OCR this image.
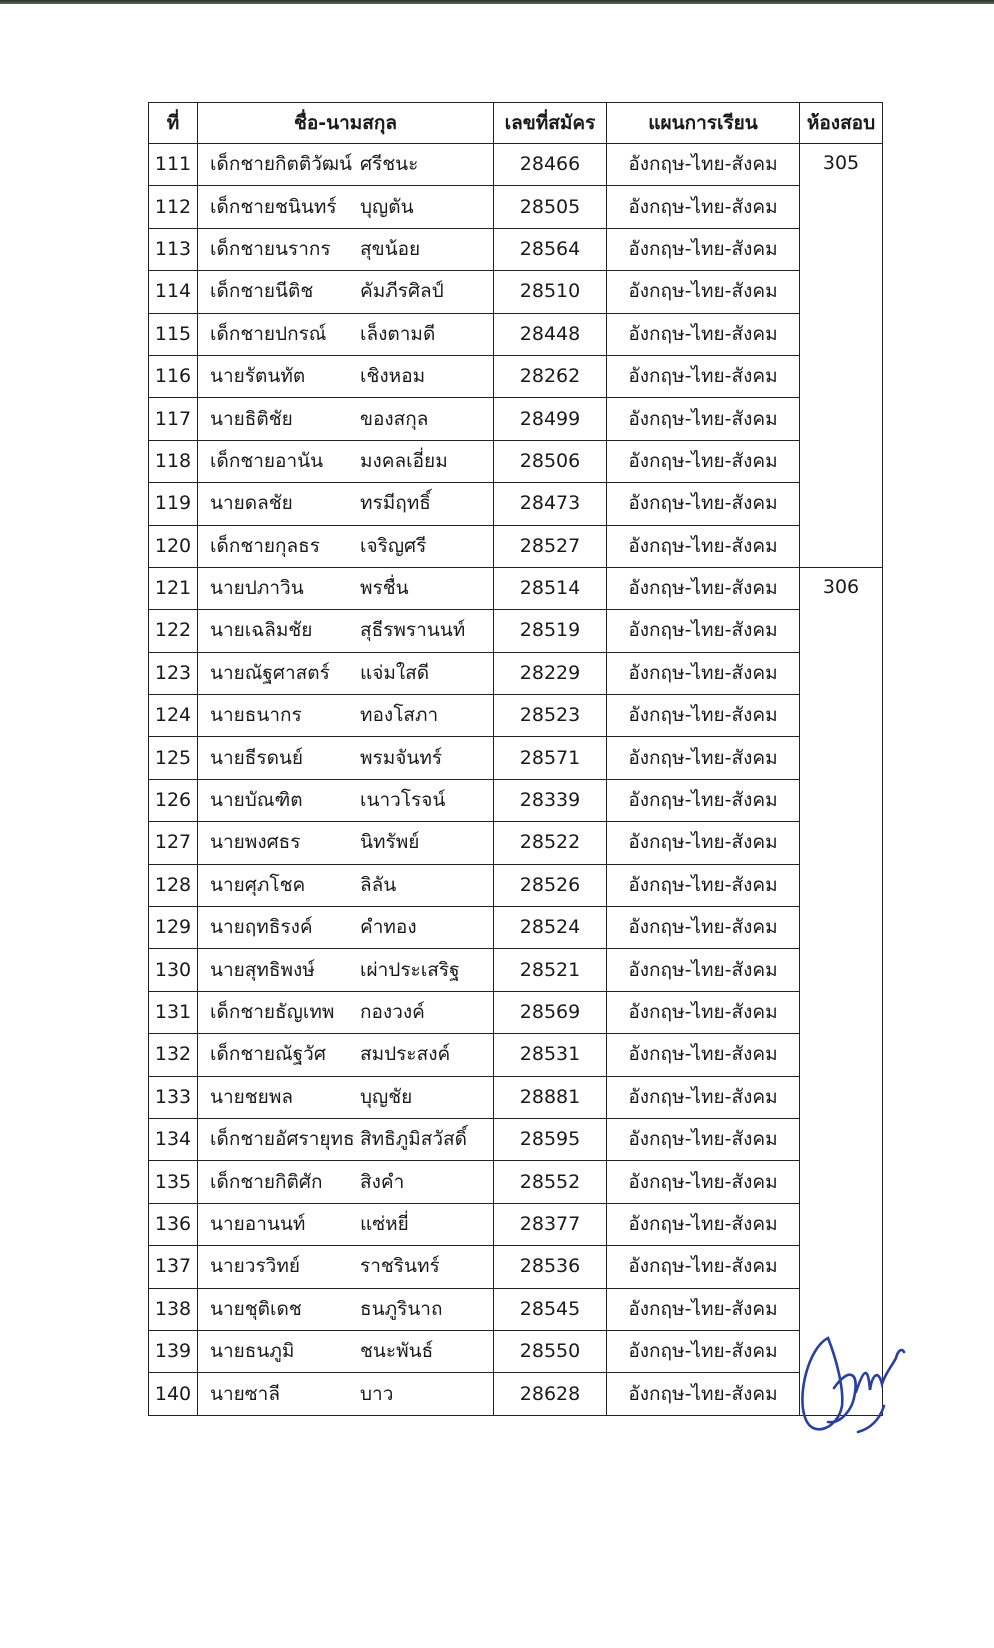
ที่	ชื่อ-นามสกุล	เลขที่สมัคร	แผนการเรียน	ห้องสอบ
111	เด็กชายกิตติวัฒน์ ศรีชนะ	28466	อังกฤษ-ไทย-สังคม	305
112	เด็กชายชนินทร์ บุญตัน	28505	อังกฤษ-ไทย-สังคม	
113	เด็กชายนรากร สุขน้อย	28564	อังกฤษ-ไทย-สังคม	
114	เด็กชายนีติช คัมภีรศิลป์	28510	อังกฤษ-ไทย-สังคม	
115	เด็กชายปกรณ์ เล็งตามดี	28448	อังกฤษ-ไทย-สังคม	
116	นายรัตนทัต เชิงหอม	28262	อังกฤษ-ไทย-สังคม	
117	นายธิติชัย ของสกุล	28499	อังกฤษ-ไทย-สังคม	
118	เด็กชายอานัน มงคลเอี่ยม	28506	อังกฤษ-ไทย-สังคม	
119	นายดลชัย ทรมีฤทธิ์	28473	อังกฤษ-ไทย-สังคม	
120	เด็กชายกุลธร เจริญศรี	28527	อังกฤษ-ไทย-สังคม	
121	นายปภาวิน พรชื่น	28514	อังกฤษ-ไทย-สังคม	306
122	นายเฉลิมชัย สุธีรพรานนท์	28519	อังกฤษ-ไทย-สังคม	
123	นายณัฐศาสตร์ แจ่มใสดี	28229	อังกฤษ-ไทย-สังคม	
124	นายธนากร ทองโสภา	28523	อังกฤษ-ไทย-สังคม	
125	นายธีรดนย์ พรมจันทร์	28571	อังกฤษ-ไทย-สังคม	
126	นายบัณฑิต เนาวโรจน์	28339	อังกฤษ-ไทย-สังคม	
127	นายพงศธร นิทรัพย์	28522	อังกฤษ-ไทย-สังคม	
128	นายศุภโชค ลิลัน	28526	อังกฤษ-ไทย-สังคม	
129	นายฤทธิรงค์ คำทอง	28524	อังกฤษ-ไทย-สังคม	
130	นายสุทธิพงษ์ เผ่าประเสริฐ	28521	อังกฤษ-ไทย-สังคม	
131	เด็กชายธัญเทพ กองวงค์	28569	อังกฤษ-ไทย-สังคม	
132	เด็กชายณัฐวัศ สมประสงค์	28531	อังกฤษ-ไทย-สังคม	
133	นายชยพล บุญชัย	28881	อังกฤษ-ไทย-สังคม	
134	เด็กชายอัศรายุทธ สิทธิภูมิสวัสดิ์	28595	อังกฤษ-ไทย-สังคม	
135	เด็กชายกิติศัก สิงคำ	28552	อังกฤษ-ไทย-สังคม	
136	นายอานนท์ แซ่หยี่	28377	อังกฤษ-ไทย-สังคม	
137	นายวรวิทย์ ราชรินทร์	28536	อังกฤษ-ไทย-สังคม	
138	นายชุติเดช ธนภูรินาถ	28545	อังกฤษ-ไทย-สังคม	
139	นายธนภูมิ ชนะพันธ์	28550	อังกฤษ-ไทย-สังคม	
140	นายซาลี บาว	28628	อังกฤษ-ไทย-สังคม	
